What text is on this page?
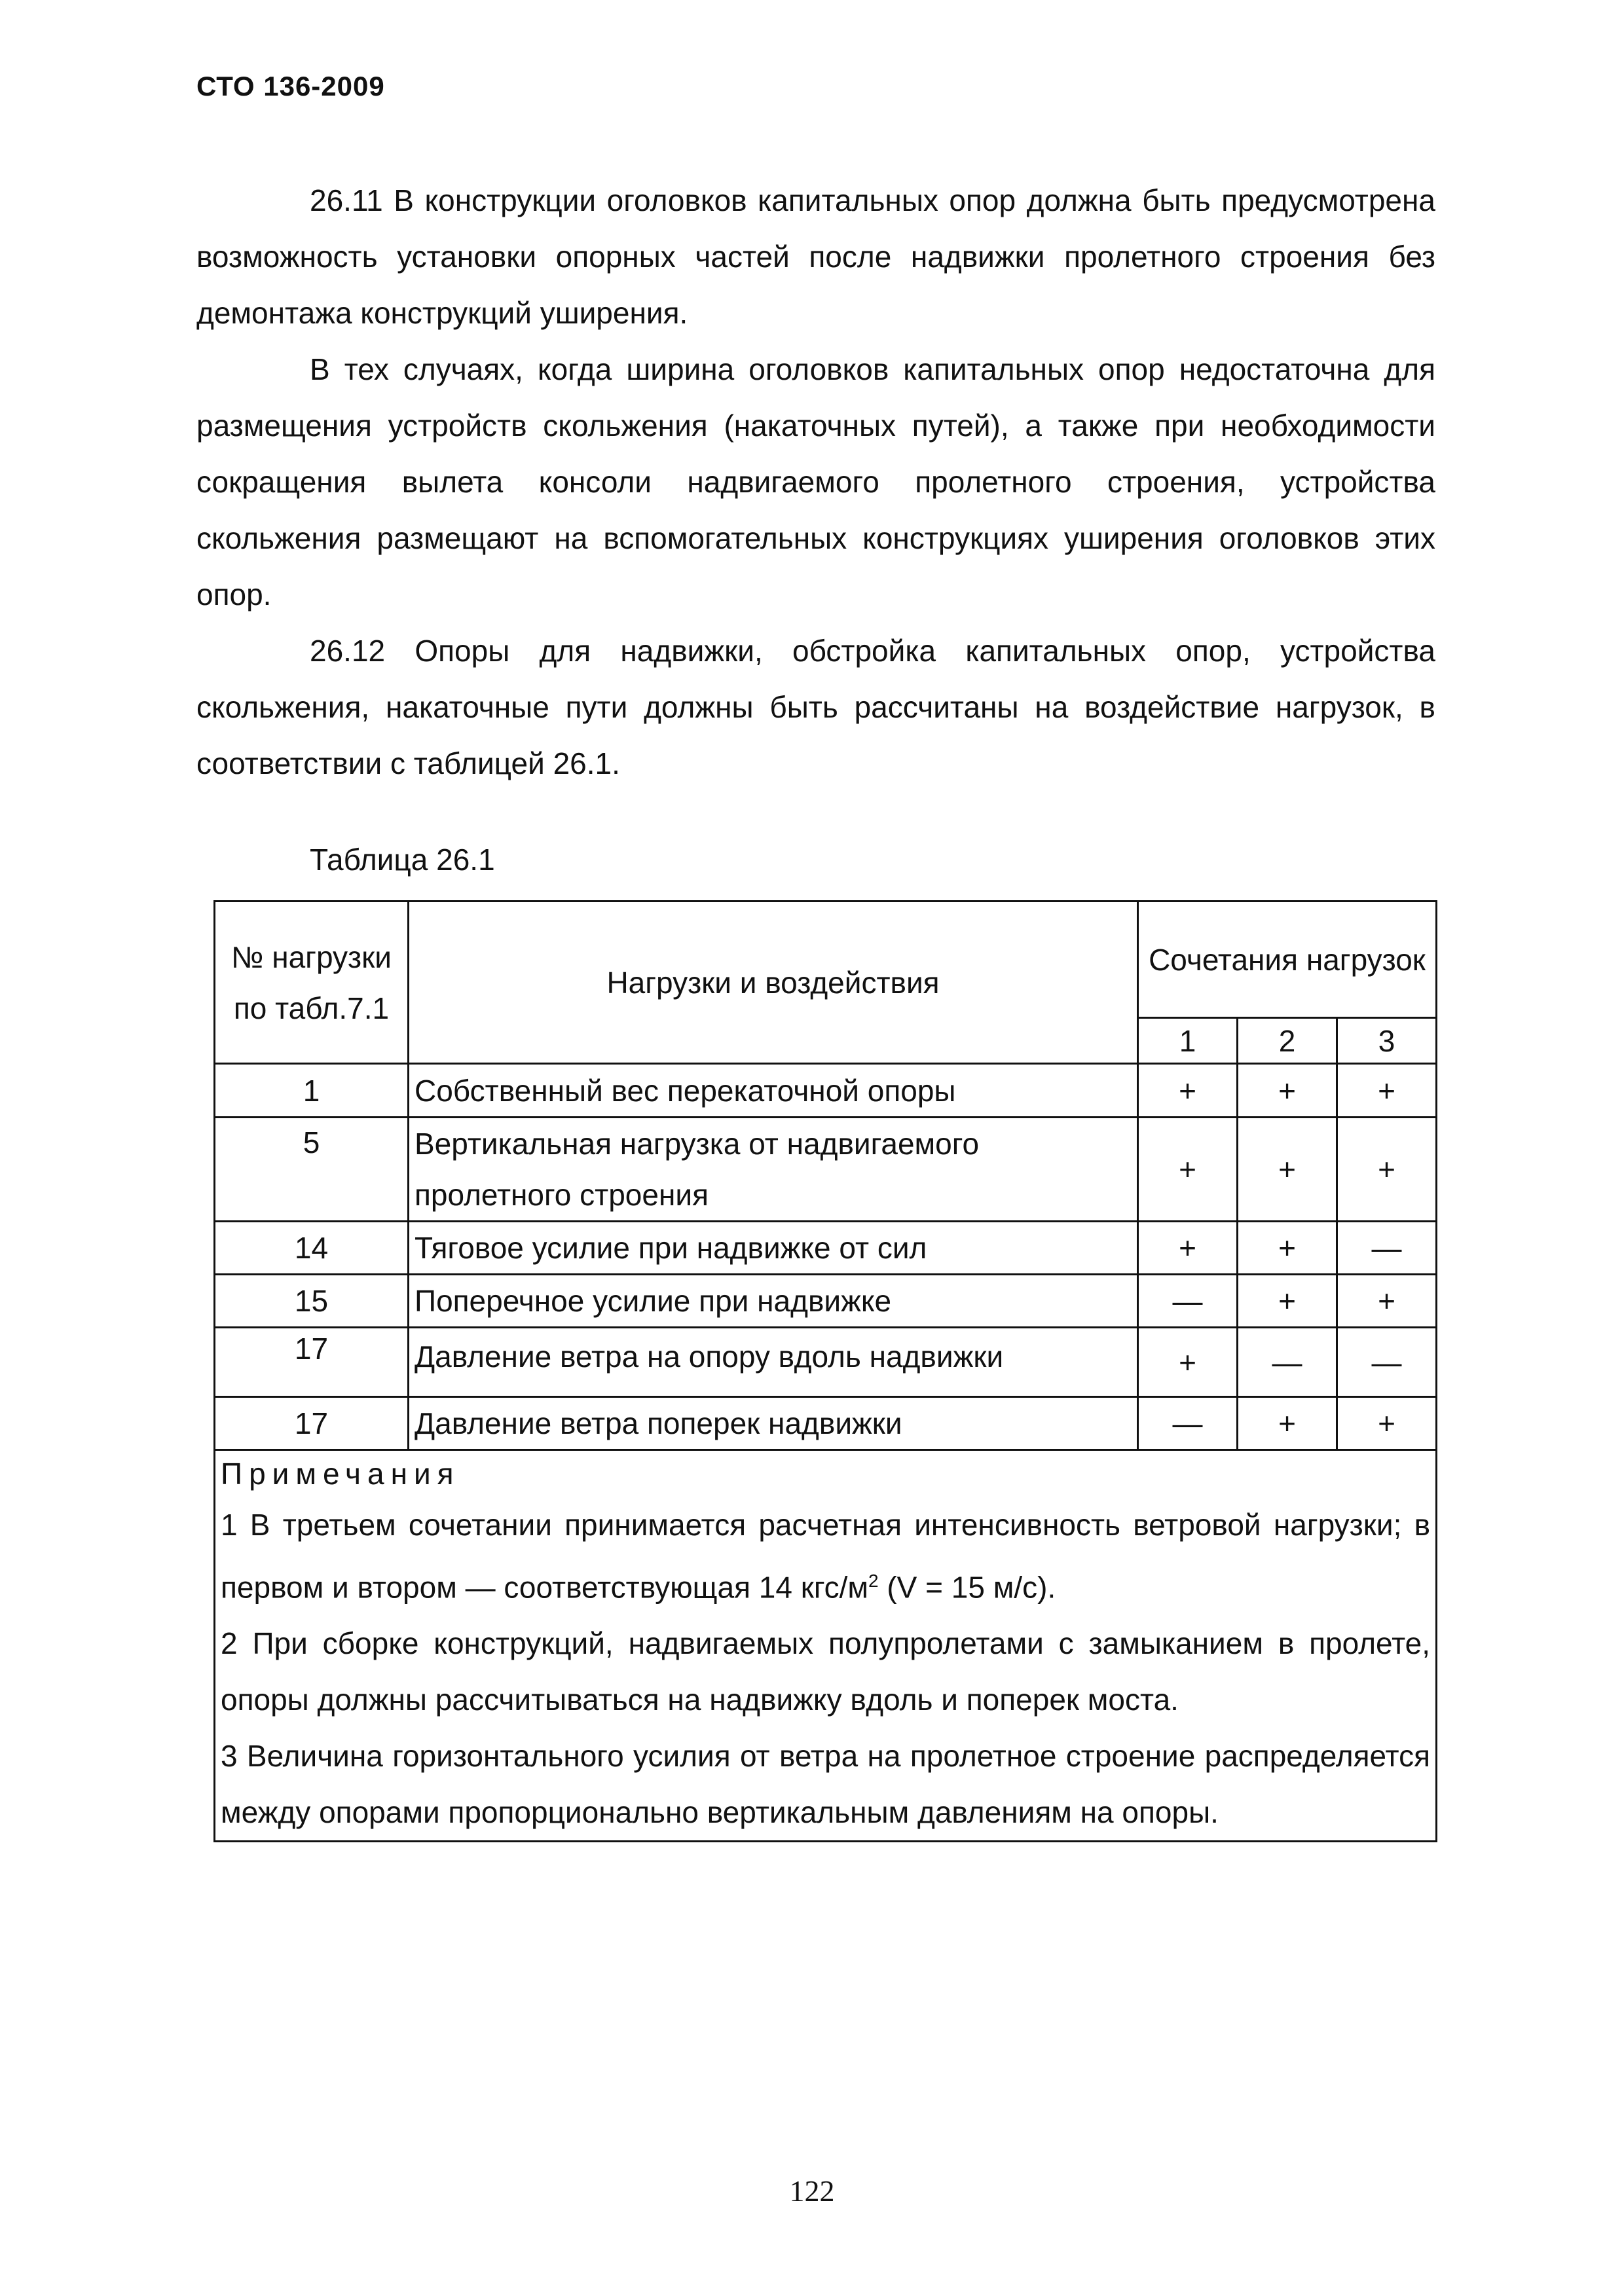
СТО 136-2009

26.11 В конструкции оголовков капитальных опор должна быть предусмотрена возможность установки опорных частей после надвижки пролетного строения без демонтажа конструкций уширения.

В тех случаях, когда ширина оголовков капитальных опор недостаточна для размещения устройств скольжения (накаточных путей), а также при необходимости сокращения вылета консоли надвигаемого пролетного строения, устройства скольжения размещают на вспомогательных конструкциях уширения оголовков этих опор.

26.12 Опоры для надвижки, обстройка капитальных опор, устройства скольжения, накаточные пути должны быть рассчитаны на воздействие нагрузок, в соответствии с таблицей 26.1.

Таблица 26.1
№ нагрузки по табл.7.1	Нагрузки и воздействия	Сочетания нагрузок		
		1	2	3
1	Собственный вес перекаточной опоры	+	+	+
5	Вертикальная нагрузка от надвигаемого пролетного строения	+	+	+
14	Тяговое усилие при надвижке от сил	+	+	—
15	Поперечное усилие при надвижке	—	+	+
17	Давление ветра на опору вдоль надвижки	+	—	—
17	Давление ветра поперек надвижки	—	+	+

Примечания

1 В третьем сочетании принимается расчетная интенсивность ветровой нагрузки; в первом и втором — соответствующая 14 кгс/$м^2$ (V = 15 м/с).

2 При сборке конструкций, надвигаемых полупролетами с замыканием в пролете, опоры должны рассчитываться на надвижку вдоль и поперек моста.

3 Величина горизонтального усилия от ветра на пролетное строение распределяется между опорами пропорционально вертикальным давлениям на опоры.				

122
